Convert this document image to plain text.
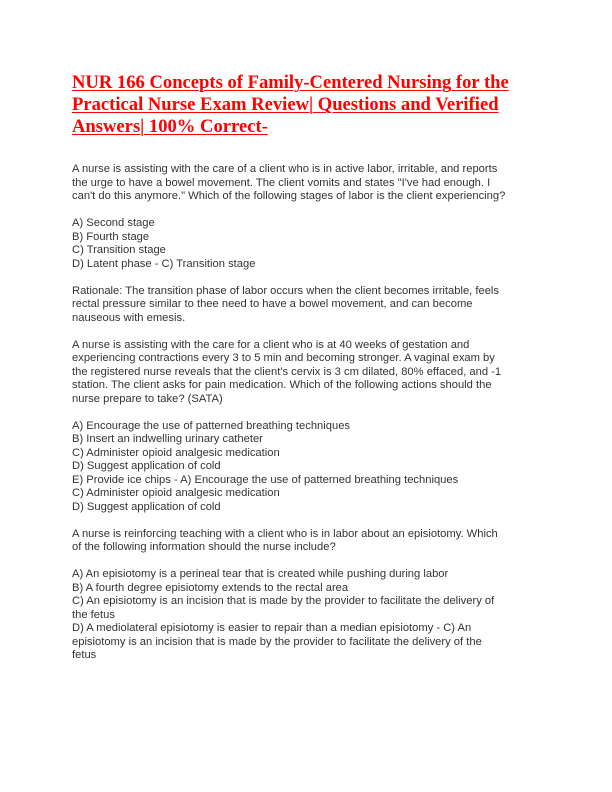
NUR 166 Concepts of Family-Centered Nursing for the
Practical Nurse Exam Review| Questions and Verified
Answers| 100% Correct-
A nurse is assisting with the care of a client who is in active labor, irritable, and reports
the urge to have a bowel movement. The client vomits and states "I've had enough. I
can't do this anymore." Which of the following stages of labor is the client experiencing?
A) Second stage
B) Fourth stage
C) Transition stage
D) Latent phase - C) Transition stage
Rationale: The transition phase of labor occurs when the client becomes irritable, feels
rectal pressure similar to thee need to have a bowel movement, and can become
nauseous with emesis.
A nurse is assisting with the care for a client who is at 40 weeks of gestation and
experiencing contractions every 3 to 5 min and becoming stronger. A vaginal exam by
the registered nurse reveals that the client's cervix is 3 cm dilated, 80% effaced, and -1
station. The client asks for pain medication. Which of the following actions should the
nurse prepare to take? (SATA)
A) Encourage the use of patterned breathing techniques
B) Insert an indwelling urinary catheter
C) Administer opioid analgesic medication
D) Suggest application of cold
E) Provide ice chips - A) Encourage the use of patterned breathing techniques
C) Administer opioid analgesic medication
D) Suggest application of cold
A nurse is reinforcing teaching with a client who is in labor about an episiotomy. Which
of the following information should the nurse include?
A) An episiotomy is a perineal tear that is created while pushing during labor
B) A fourth degree episiotomy extends to the rectal area
C) An episiotomy is an incision that is made by the provider to facilitate the delivery of
the fetus
D) A mediolateral episiotomy is easier to repair than a median episiotomy - C) An
episiotomy is an incision that is made by the provider to facilitate the delivery of the
fetus
